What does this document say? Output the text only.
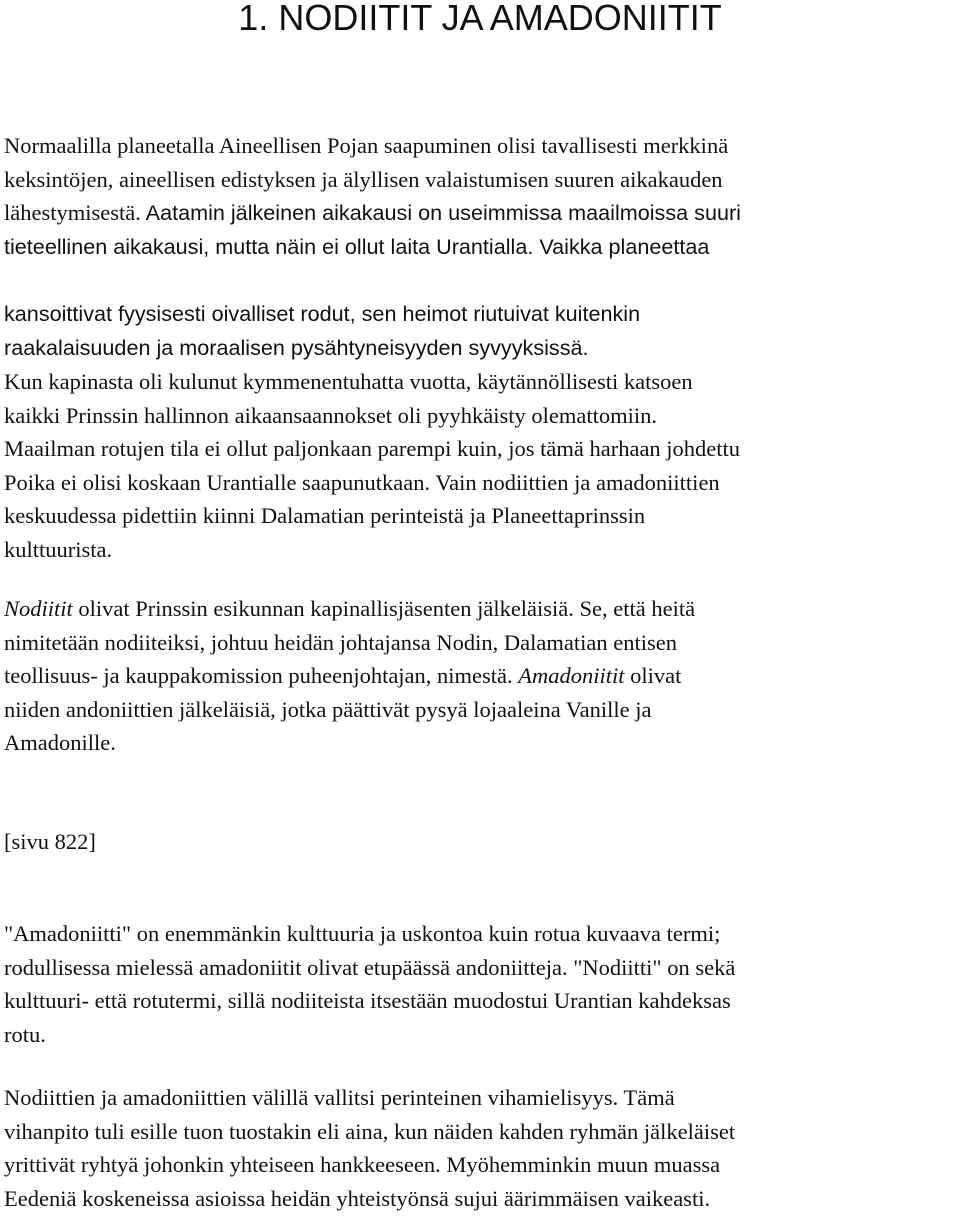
1. NODIITIT JA AMADONIITIT

Normaalilla planeetalla Aineellisen Pojan saapuminen olisi tavallisesti merkkinä
keksintöjen, aineellisen edistyksen ja älyllisen valaistumisen suuren aikakauden
lähestymisestä. Aatamin jälkeinen aikakausi on useimmissa maailmoissa suuri

kansoittivat fyysisesti oivalliset rodut, sen heimot riutuivat kuitenkin
raakalaisuuden ja moraalisen pysähtyneisyyden syvyyksissä.

tieteellinen aikakausi, mutta näin ei ollut laita Urantialla. Vaikka planeettaa

Kun kapinasta oli kulunut kymmenentuhatta vuotta, käytännöllisesti katsoen
kaikki Prinssin hallinnon aikaansaannokset oli pyyhkäisty olemattomiin.
Maailman rotujen tila ei ollut paljonkaan parempi kuin, jos tämä harhaan johdettu
Poika ei olisi koskaan Urantialle saapunutkaan. Vain nodiittien ja amadoniittien
keskuudessa pidettiin kiinni Dalamatian perinteistä ja Planeettaprinssin
kulttuurista.

Nodiitit olivat Prinssin esikunnan kapinallisjäsenten jälkeläisiä. Se, että heitä
nimitetään nodiiteiksi, johtuu heidän johtajansa Nodin, Dalamatian entisen
teollisuus- ja kauppakomission puheenjohtajan, nimestä. Amadoniitit olivat
niiden andoniittien jälkeläisiä, jotka päättivät pysyä lojaaleina Vanille ja
Amadonille.

[sivu 822]

"Amadoniitti" on enemmänkin kulttuuria ja uskontoa kuin rotua kuvaava termi;
rodullisessa mielessä amadoniitit olivat etupäässä andoniitteja. "Nodiitti" on sekä
kulttuuri- että rotutermi, sillä nodiiteista itsestään muodostui Urantian kahdeksas
rotu.

Nodiittien ja amadoniittien välillä vallitsi perinteinen vihamielisyys. Tämä
vihanpito tuli esille tuon tuostakin eli aina, kun näiden kahden ryhmän jälkeläiset
yrittivät ryhtyä johonkin yhteiseen hankkeeseen. Myöhemminkin muun muassa
Eedeniä koskeneissa asioissa heidän yhteistyönsä sujui äärimmäisen vaikeasti.
